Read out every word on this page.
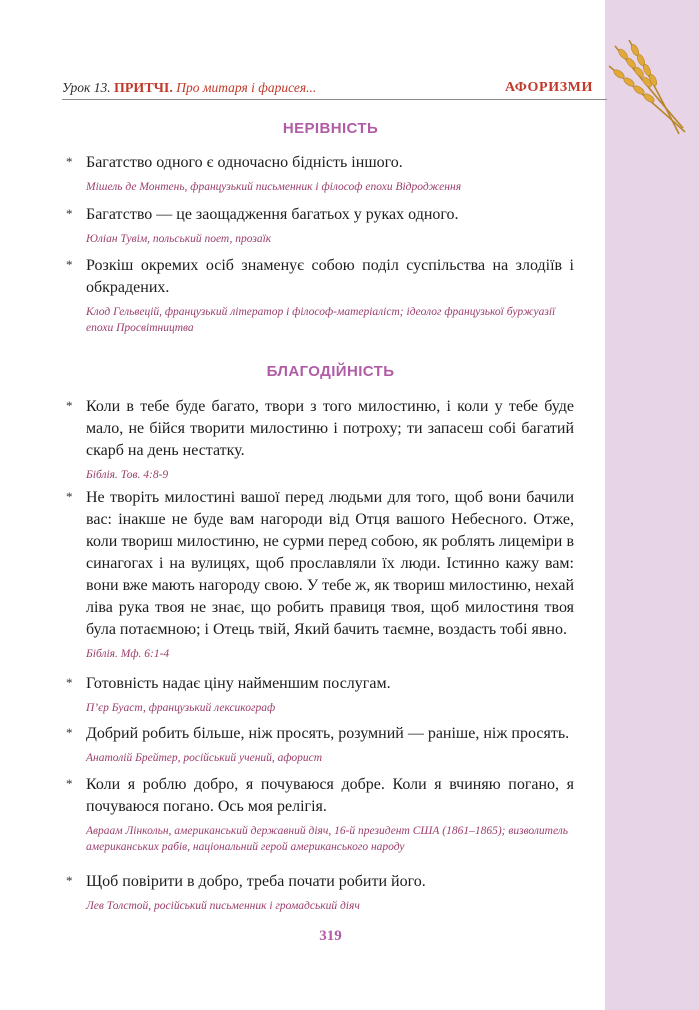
Урок 13. ПРИТЧІ. Про митаря і фарисея...	АФОРИЗМИ
НЕРІВНІСТЬ
* Багатство одного є одночасно бідність іншого.
Мішель де Монтень, французький письменник і філософ епохи Відродження
* Багатство — це заощадження багатьох у руках одного.
Юліан Тувім, польський поет, прозаїк
* Розкіш окремих осіб знаменує собою поділ суспільства на злодіїв і обкрадених.
Клод Гельвецій, французький літератор і філософ-матеріаліст; ідеолог французької буржуазії епохи Просвітництва
БЛАГОДІЙНІСТЬ
* Коли в тебе буде багато, твори з того милостиню, і коли у тебе буде мало, не бійся творити милостиню і потроху; ти запасеш собі багатий скарб на день нестатку.
Біблія. Тов. 4:8-9
* Не творіть милостині вашої перед людьми для того, щоб вони бачили вас: інакше не буде вам нагороди від Отця вашого Небесного. Отже, коли твориш милостиню, не сурми перед собою, як роблять лицеміри в синагогах і на вулицях, щоб прославляли їх люди. Істинно кажу вам: вони вже мають нагороду свою. У тебе ж, як твориш милостиню, нехай ліва рука твоя не знає, що робить правиця твоя, щоб милостиня твоя була потаємною; і Отець твій, Який бачить таємне, воздасть тобі явно.
Біблія. Мф. 6:1-4
* Готовність надає ціну найменшим послугам.
П’єр Буаст, французький лексикограф
* Добрий робить більше, ніж просять, розумний — раніше, ніж просять.
Анатолій Брейтер, російський учений, афорист
* Коли я роблю добро, я почуваюся добре. Коли я вчиняю погано, я почуваюся погано. Ось моя релігія.
Авраам Лінкольн, американський державний діяч, 16-й президент США (1861–1865); визволитель американських рабів, національний герой американського народу
* Щоб повірити в добро, треба почати робити його.
Лев Толстой, російський письменник і громадський діяч
319
